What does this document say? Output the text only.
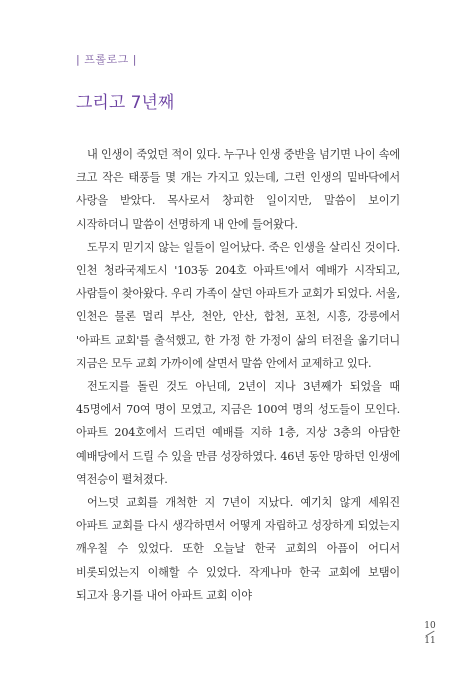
| 프롤로그 |
그리고 7년째

내 인생이 죽었던 적이 있다. 누구나 인생 중반을 넘기면 나이 속에 크고 작은 태풍들 몇 개는 가지고 있는데, 그런 인생의 밑바닥에서 사랑을 받았다. 목사로서 창피한 일이지만, 말씀이 보이기 시작하더니 말씀이 선명하게 내 안에 들어왔다.

도무지 믿기지 않는 일들이 일어났다. 죽은 인생을 살리신 것이다. 인천 청라국제도시 '103동 204호 아파트'에서 예배가 시작되고, 사람들이 찾아왔다. 우리 가족이 살던 아파트가 교회가 되었다. 서울, 인천은 물론 멀리 부산, 천안, 안산, 합천, 포천, 시흥, 강릉에서 '아파트 교회'를 출석했고, 한 가정 한 가정이 삶의 터전을 옮기더니 지금은 모두 교회 가까이에 살면서 말씀 안에서 교제하고 있다.

전도지를 돌린 것도 아닌데, 2년이 지나 3년째가 되었을 때 45명에서 70여 명이 모였고, 지금은 100여 명의 성도들이 모인다. 아파트 204호에서 드리던 예배를 지하 1층, 지상 3층의 아담한 예배당에서 드릴 수 있을 만큼 성장하였다. 46년 동안 망하던 인생에 역전승이 펼쳐졌다.

어느덧 교회를 개척한 지 7년이 지났다. 예기치 않게 세워진 아파트 교회를 다시 생각하면서 어떻게 자립하고 성장하게 되었는지 깨우칠 수 있었다. 또한 오늘날 한국 교회의 아픔이 어디서 비롯되었는지 이해할 수 있었다. 작게나마 한국 교회에 보탬이 되고자 용기를 내어 아파트 교회 이야

10
11
